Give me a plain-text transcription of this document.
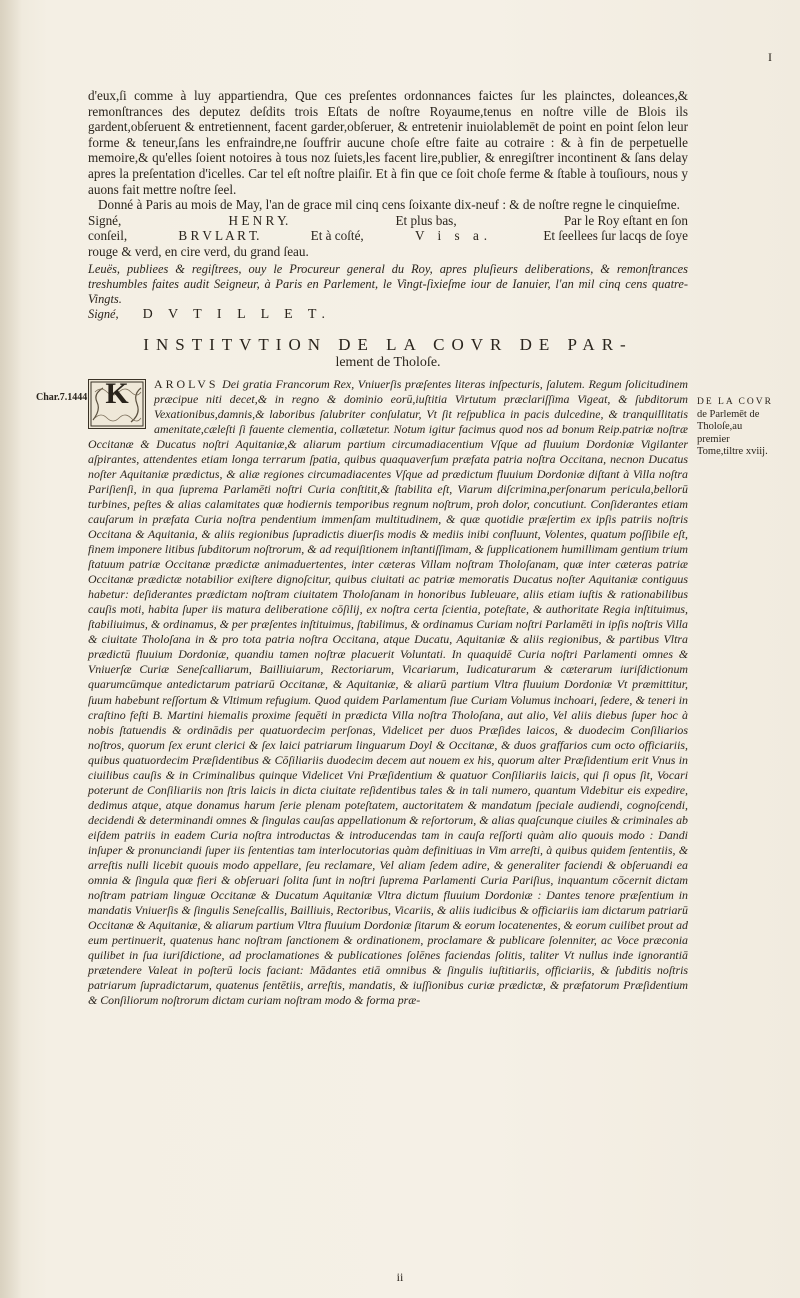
I

d'eux,ſi comme à luy appartiendra, Que ces preſentes ordonnances faictes ſur les plainctes, doleances,& remonſtrances des deputez deſdits trois Eſtats de noſtre Royaume,tenus en noſtre ville de Blois ils gardent,obſeruent & entretiennent, facent garder,obſeruer, & entretenir inuiolablemēt de point en point ſelon leur forme & teneur,ſans les enfraindre,ne ſouffrir aucune choſe eſtre faite au cotraire : & à fin de perpetuelle memoire,& qu'elles ſoient notoires à tous noz ſuiets,les facent lire,publier, & enregiſtrer incontinent & ſans delay apres la preſentation d'icelles. Car tel eſt noſtre plaiſir. Et à fin que ce ſoit choſe ferme & ſtable à touſiours, nous y auons fait mettre noſtre ſeel.

Donné à Paris au mois de May, l'an de grace mil cinq cens ſoixante dix-neuf : & de noſtre regne le cinquieſme.

Signé,	H E N R Y.	Et plus bas,	Par le Roy eſtant en ſon
conſeil,	B R V L A R T.	Et à coſté,	V i s a.	Et ſeellees ſur lacqs de ſoye
rouge & verd, en cire verd, du grand ſeau.

Leuës, publiees & regiſtrees, ouy le Procureur general du Roy, apres pluſieurs deliberations, & remonſtrances treshumbles faites audit Seigneur, à Paris en Parlement, le Vingt-ſixieſme iour de Ianuier, l'an mil cinq cens quatre-Vingts.

Signé, D V T I L L E T.
INSTITVTION DE LA COVR DE PAR-
lement de Tholoſe.
K	AROLVS Dei gratia Francorum Rex, Vniuerſis præſentes literas inſpecturis, ſalutem. Regum ſolicitudinem præcipue niti decet,& in regno & dominio eorū,iuſtitia Virtutum præclariſſima Vigeat, & ſubditorum Vexationibus,damnis,& laboribus ſalubriter conſulatur, Vt ſit reſpublica in pacis dulcedine, & tranquillitatis amenitate,cæleſti ſi fauente clementia, collætetur. Notum igitur facimus quod nos ad bonum Reip.patriæ noſtræ Occitanæ & Ducatus noſtri Aquitaniæ,& aliarum partium circumadiacentium Vſque ad fluuium Dordoniæ Vigilanter aſpirantes, attendentes etiam longa terrarum ſpatia, quibus quaquaverſum præfata patria noſtra Occitana, necnon Ducatus noſter Aquitaniæ prædictus, & aliæ regiones circumadiacentes Vſque ad prædictum fluuium Dordoniæ diſtant à Villa noſtra Pariſienſi, in qua ſuprema Parlamēti noſtri Curia conſtitit,& ſtabilita eſt, Viarum diſcrimina,perſonarum pericula,bellorū turbines, peſtes & alias calamitates quæ hodiernis temporibus regnum noſtrum, proh dolor, concutiunt. Conſiderantes etiam cauſarum in præfata Curia noſtra pendentium immenſam multitudinem, & quæ quotidie præſertim ex ipſis patriis noſtris Occitana & Aquitania, & aliis regionibus ſupradictis diuerſis modis & mediis inibi confluunt, Volentes, quatum poſſibile eſt, finem imponere litibus ſubditorum noſtrorum, & ad requiſitionem inſtantiſſimam, & ſupplicationem humillimam gentium trium ſtatuum patriæ Occitanæ prædictæ animaduertentes, inter cæteras Villam noſtram Tholoſanam, quæ inter cæteras patriæ Occitanæ prædictæ notabilior exiſtere dignoſcitur, quibus ciuitati ac patriæ memoratis Ducatus noſter Aquitaniæ contiguus habetur: deſiderantes prædictam noſtram ciuitatem Tholoſanam in honoribus Iubleuare, aliis etiam iuſtis & rationabilibus cauſis moti, habita ſuper iis matura deliberatione cōſilij, ex noſtra certa ſcientia, poteſtate, & authoritate Regia inſtituimus, ſtabiliuimus, & ordinamus, & per præſentes inſtituimus, ſtabilimus, & ordinamus Curiam noſtri Parlamēti in ipſis noſtris Villa & ciuitate Tholoſana in & pro tota patria noſtra Occitana, atque Ducatu, Aquitaniæ & aliis regionibus, & partibus Vltra prædictū fluuium Dordoniæ, quandiu tamen noſtræ placuerit Voluntati. In quaquidē Curia noſtri Parlamenti omnes & Vniuerſæ Curiæ Seneſcalliarum, Bailliuiarum, Rectoriarum, Vicariarum, Iudicaturarum & cæterarum iuriſdictionum quarumcūmque antedictarum patriarū Occitanæ, & Aquitaniæ, & aliarū partium Vltra fluuium Dordoniæ Vt præmittitur, ſuum habebunt reſſortum & Vltimum refugium. Quod quidem Parlamentum ſiue Curiam Volumus inchoari, ſedere, & teneri in craſtino feſti B. Martini hiemalis proxime ſequēti in prædicta Villa noſtra Tholoſana, aut alio, Vel aliis diebus ſuper hoc à nobis ſtatuendis & ordinādis per quatuordecim perſonas, Videlicet per duos Præſides laicos, & duodecim Conſiliarios noſtros, quorum ſex erunt clerici & ſex laici patriarum linguarum Doyl & Occitanæ, & duos graffarios cum octo officiariis, quibus quatuordecim Præſidentibus & Cōſiliariis duodecim decem aut nouem ex his, quorum alter Præſidentium erit Vnus in ciuilibus cauſis & in Criminalibus quinque Videlicet Vni Præſidentium & quatuor Conſiliariis laicis, qui ſi opus ſit, Vocari poterunt de Conſiliariis non ſtris laicis in dicta ciuitate reſidentibus tales & in tali numero, quantum Videbitur eis expedire, dedimus atque, atque donamus harum ſerie plenam poteſtatem, auctoritatem & mandatum ſpeciale audiendi, cognoſcendi, decidendi & determinandi omnes & ſingulas cauſas appellationum & reſortorum, & alias quaſcunque ciuiles & criminales ab eiſdem patriis in eadem Curia noſtra introductas & introducendas tam in cauſa reſſorti quàm alio quouis modo : Dandi inſuper & pronunciandi ſuper iis ſententias tam interlocutorias quàm definitiuas in Vim arreſti, à quibus quidem ſententiis, & arreſtis nulli licebit quouis modo appellare, ſeu reclamare, Vel aliam ſedem adire, & generaliter faciendi & obſeruandi ea omnia & ſingula quæ fieri & obſeruari ſolita ſunt in noſtri ſuprema Parlamenti Curia Pariſius, inquantum cōcernit dictam noſtram patriam linguæ Occitanæ & Ducatum Aquitaniæ Vltra dictum fluuium Dordoniæ : Dantes tenore præſentium in mandatis Vniuerſis & ſingulis Seneſcallis, Bailliuis, Rectoribus, Vicariis, & aliis iudicibus & officiariis iam dictarum patriarū Occitanæ & Aquitaniæ, & aliarum partium Vltra fluuium Dordoniæ ſitarum & eorum locatenentes, & eorum cuilibet prout ad eum pertinuerit, quatenus hanc noſtram ſanctionem & ordinationem, proclamare & publicare ſolenniter, ac Voce præconia quilibet in ſua iuriſdictione, ad proclamationes & publicationes ſolēnes faciendas ſolitis, taliter Vt nullus inde ignorantiā prætendere Valeat in poſterū locis faciant: Mādantes etiā omnibus & ſingulis iuſtitiariis, officiariis, & ſubditis noſtris patriarum ſupradictarum, quatenus ſentētiis, arreſtis, mandatis, & iuſſionibus curiæ prædictæ, & præfatorum Præſidentium & Conſiliorum noſtrorum dictam curiam noſtram modo & forma præ-
Char.7.1444	DE LA COVR
de Parlemēt de Tholoſe,au premier Tome,tiltre xviij.
ii
